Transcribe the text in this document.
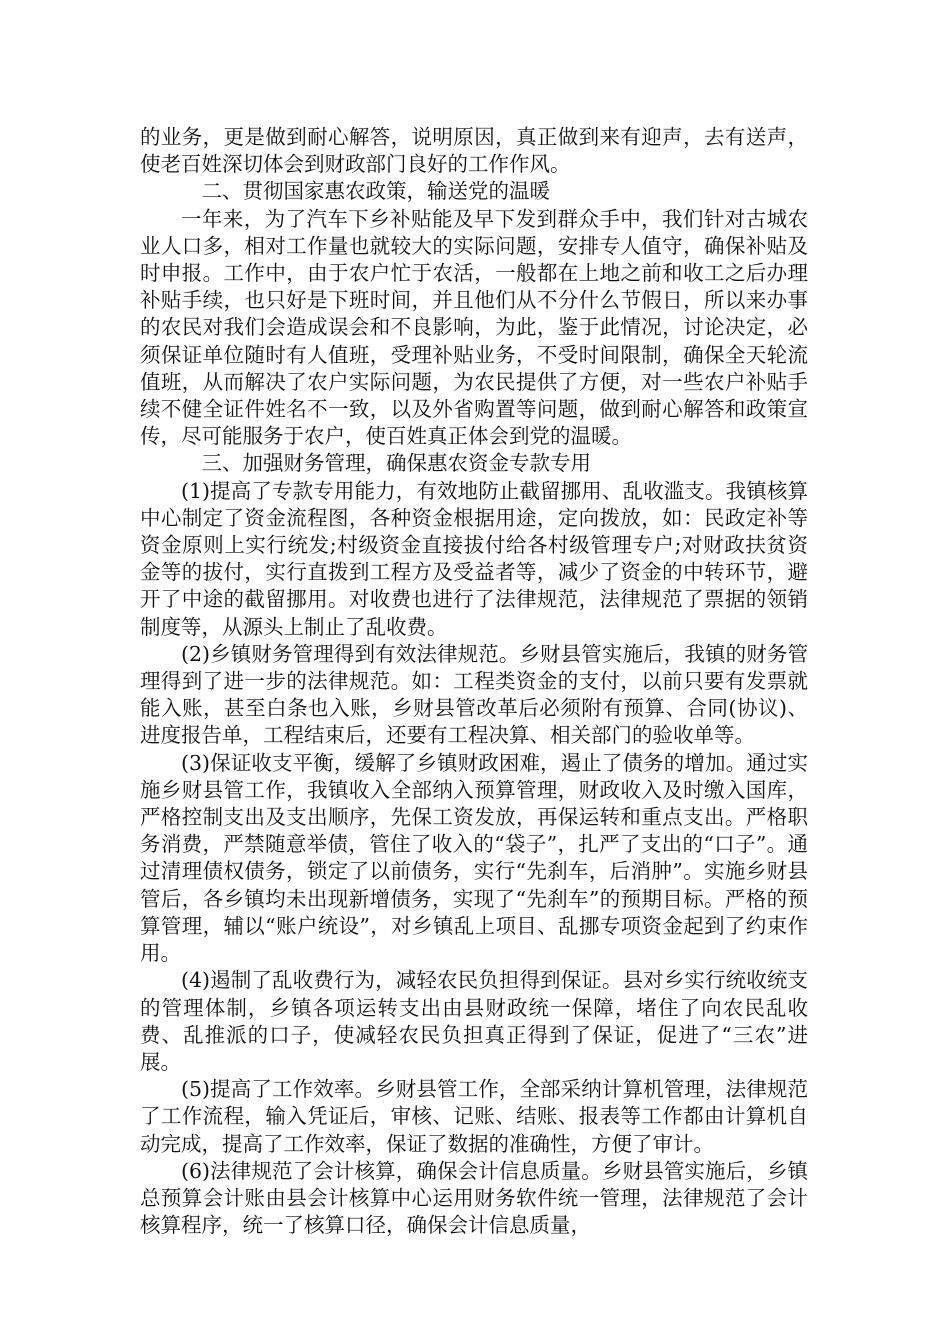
的业务，更是做到耐心解答，说明原因，真正做到来有迎声，去有送声，使老百姓深切体会到财政部门良好的工作作风。

二、贯彻国家惠农政策，输送党的温暖

一年来，为了汽车下乡补贴能及早下发到群众手中，我们针对古城农业人口多，相对工作量也就较大的实际问题，安排专人值守，确保补贴及时申报。工作中，由于农户忙于农活，一般都在上地之前和收工之后办理补贴手续，也只好是下班时间，并且他们从不分什么节假日，所以来办事的农民对我们会造成误会和不良影响，为此，鉴于此情况，讨论决定，必须保证单位随时有人值班，受理补贴业务，不受时间限制，确保全天轮流值班，从而解决了农户实际问题，为农民提供了方便，对一些农户补贴手续不健全证件姓名不一致，以及外省购置等问题，做到耐心解答和政策宣传，尽可能服务于农户，使百姓真正体会到党的温暖。

三、加强财务管理，确保惠农资金专款专用

(1)提高了专款专用能力，有效地防止截留挪用、乱收滥支。我镇核算中心制定了资金流程图，各种资金根据用途，定向拨放，如：民政定补等资金原则上实行统发;村级资金直接拔付给各村级管理专户;对财政扶贫资金等的拔付，实行直拨到工程方及受益者等，减少了资金的中转环节，避开了中途的截留挪用。对收费也进行了法律规范，法律规范了票据的领销制度等，从源头上制止了乱收费。

(2)乡镇财务管理得到有效法律规范。乡财县管实施后，我镇的财务管理得到了进一步的法律规范。如：工程类资金的支付，以前只要有发票就能入账，甚至白条也入账，乡财县管改革后必须附有预算、合同(协议)、进度报告单，工程结束后，还要有工程决算、相关部门的验收单等。

(3)保证收支平衡，缓解了乡镇财政困难，遏止了债务的增加。通过实施乡财县管工作，我镇收入全部纳入预算管理，财政收入及时缴入国库，严格控制支出及支出顺序，先保工资发放，再保运转和重点支出。严格职务消费，严禁随意举债，管住了收入的“袋子”，扎严了支出的“口子”。通过清理债权债务，锁定了以前债务，实行“先刹车，后消肿”。实施乡财县管后，各乡镇均未出现新增债务，实现了“先刹车”的预期目标。严格的预算管理，辅以“账户统设”，对乡镇乱上项目、乱挪专项资金起到了约束作用。

(4)遏制了乱收费行为，减轻农民负担得到保证。县对乡实行统收统支的管理体制，乡镇各项运转支出由县财政统一保障，堵住了向农民乱收费、乱推派的口子，使减轻农民负担真正得到了保证，促进了“三农”进展。

(5)提高了工作效率。乡财县管工作，全部采纳计算机管理，法律规范了工作流程，输入凭证后，审核、记账、结账、报表等工作都由计算机自动完成，提高了工作效率，保证了数据的准确性，方便了审计。

(6)法律规范了会计核算，确保会计信息质量。乡财县管实施后，乡镇总预算会计账由县会计核算中心运用财务软件统一管理，法律规范了会计核算程序，统一了核算口径，确保会计信息质量，
